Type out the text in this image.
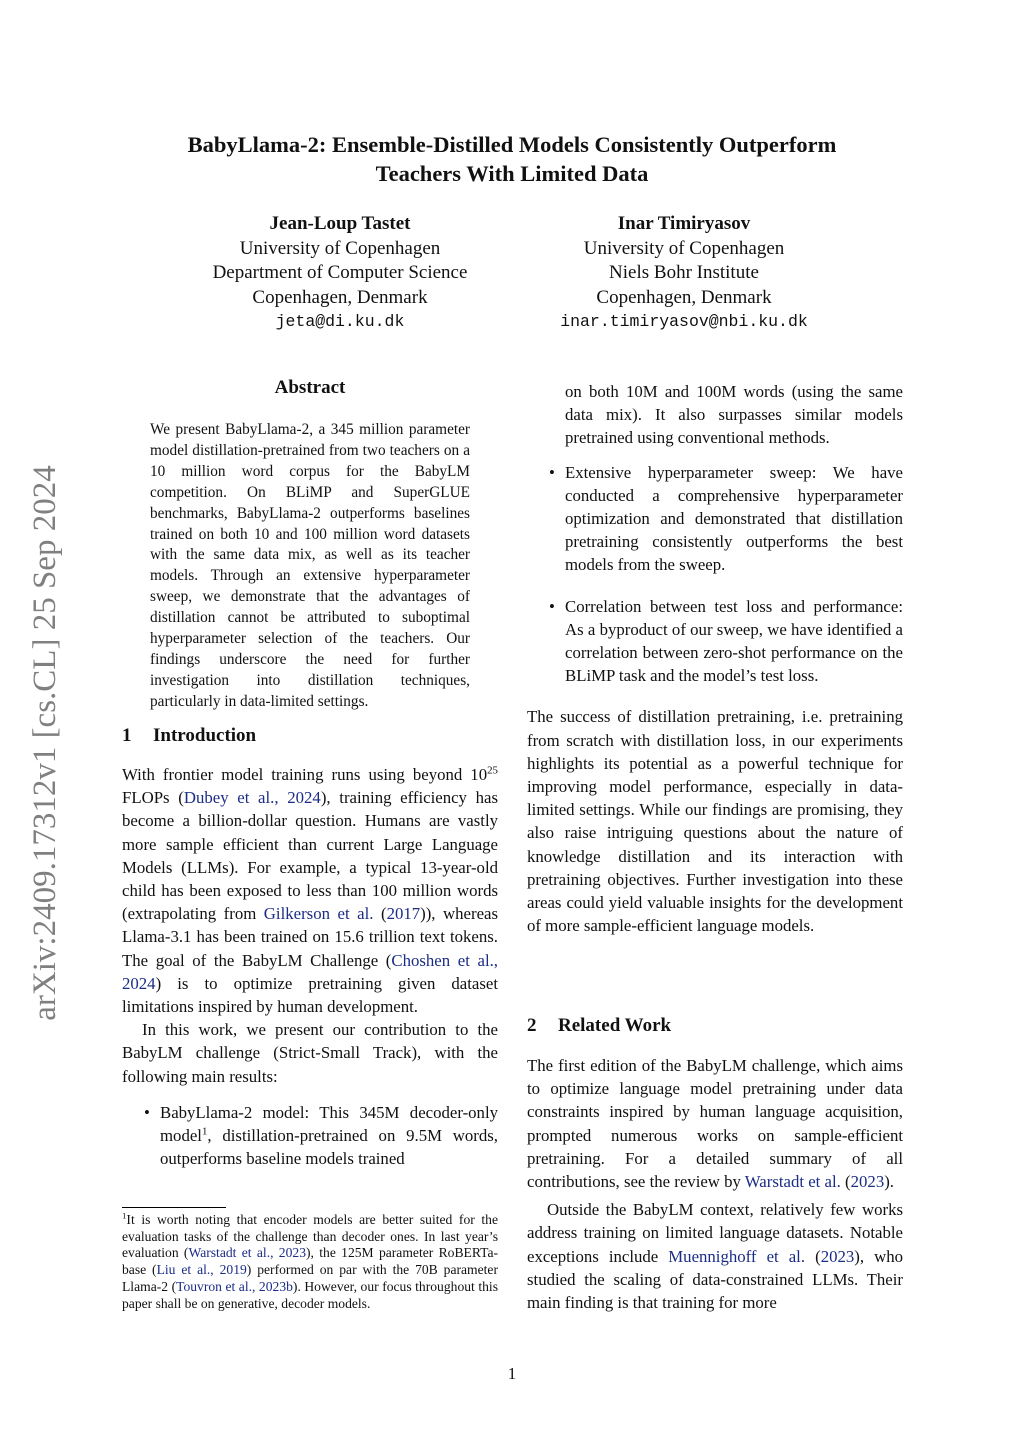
arXiv:2409.17312v1 [cs.CL] 25 Sep 2024
BabyLlama-2: Ensemble-Distilled Models Consistently Outperform
Teachers With Limited Data
Jean-Loup Tastet
University of Copenhagen
Department of Computer Science
Copenhagen, Denmark
jeta@di.ku.dk
Inar Timiryasov
University of Copenhagen
Niels Bohr Institute
Copenhagen, Denmark
inar.timiryasov@nbi.ku.dk
Abstract
We present BabyLlama-2, a 345 million parameter model distillation-pretrained from two teachers on a 10 million word corpus for the BabyLM competition. On BLiMP and SuperGLUE benchmarks, BabyLlama-2 outperforms baselines trained on both 10 and 100 million word datasets with the same data mix, as well as its teacher models. Through an extensive hyperparameter sweep, we demonstrate that the advantages of distillation cannot be attributed to suboptimal hyperparameter selection of the teachers. Our findings underscore the need for further investigation into distillation techniques, particularly in data-limited settings.
1 Introduction

With frontier model training runs using beyond $10^{25}$ FLOPs (Dubey et al., 2024), training efficiency has become a billion-dollar question. Humans are vastly more sample efficient than current Large Language Models (LLMs). For example, a typical 13-year-old child has been exposed to less than 100 million words (extrapolating from Gilkerson et al. (2017)), whereas Llama-3.1 has been trained on 15.6 trillion text tokens. The goal of the BabyLM Challenge (Choshen et al., 2024) is to optimize pretraining given dataset limitations inspired by human development.

In this work, we present our contribution to the BabyLM challenge (Strict-Small Track), with the following main results:

• BabyLlama-2 model: This 345M decoder-only model$^1$, distillation-pretrained on 9.5M words, outperforms baseline models trained

$^1$It is worth noting that encoder models are better suited for the evaluation tasks of the challenge than decoder ones. In last year’s evaluation (Warstadt et al., 2023), the 125M parameter RoBERTa-base (Liu et al., 2019) performed on par with the 70B parameter Llama-2 (Touvron et al., 2023b). However, our focus throughout this paper shall be on generative, decoder models.

on both 10M and 100M words (using the same data mix). It also surpasses similar models pretrained using conventional methods.

• Extensive hyperparameter sweep: We have conducted a comprehensive hyperparameter optimization and demonstrated that distillation pretraining consistently outperforms the best models from the sweep.

• Correlation between test loss and performance: As a byproduct of our sweep, we have identified a correlation between zero-shot performance on the BLiMP task and the model’s test loss.

The success of distillation pretraining, i.e. pretraining from scratch with distillation loss, in our experiments highlights its potential as a powerful technique for improving model performance, especially in data-limited settings. While our findings are promising, they also raise intriguing questions about the nature of knowledge distillation and its interaction with pretraining objectives. Further investigation into these areas could yield valuable insights for the development of more sample-efficient language models.

2 Related Work

The first edition of the BabyLM challenge, which aims to optimize language model pretraining under data constraints inspired by human language acquisition, prompted numerous works on sample-efficient pretraining. For a detailed summary of all contributions, see the review by Warstadt et al. (2023).

Outside the BabyLM context, relatively few works address training on limited language datasets. Notable exceptions include Muennighoff et al. (2023), who studied the scaling of data-constrained LLMs. Their main finding is that training for more

1
